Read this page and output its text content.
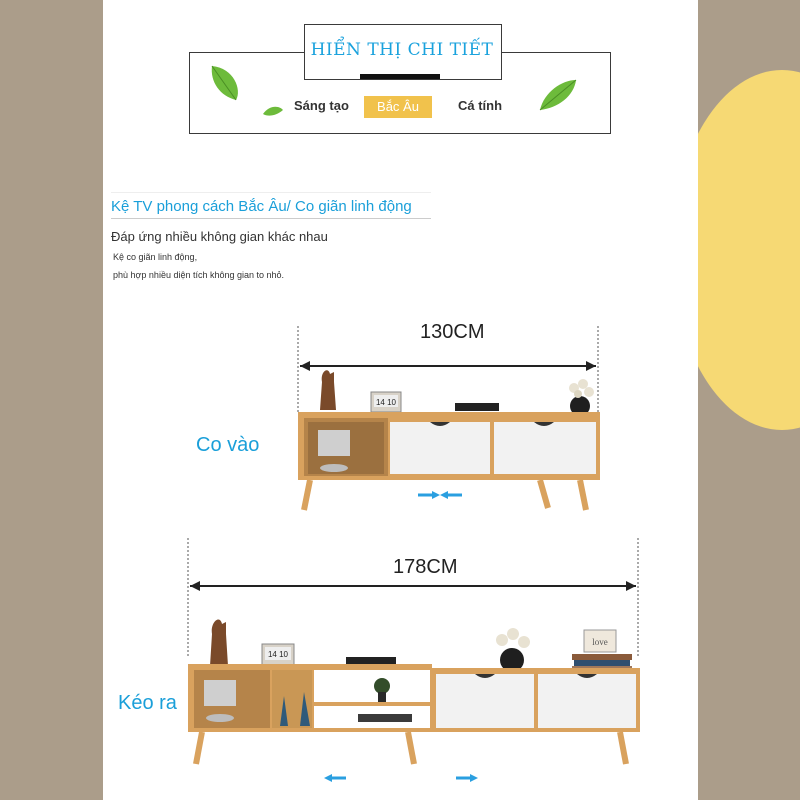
HIỂN THỊ CHI TIẾT
Sáng tạo	Bắc Âu	Cá tính
Kệ TV phong cách Bắc Âu/ Co giãn linh động
Đáp ứng nhiều không gian khác nhau
Kệ co giãn linh động,
phù hợp nhiều diện tích không gian to nhỏ.
130CM
Co vào
14 10
178CM
Kéo ra
14 10
love
